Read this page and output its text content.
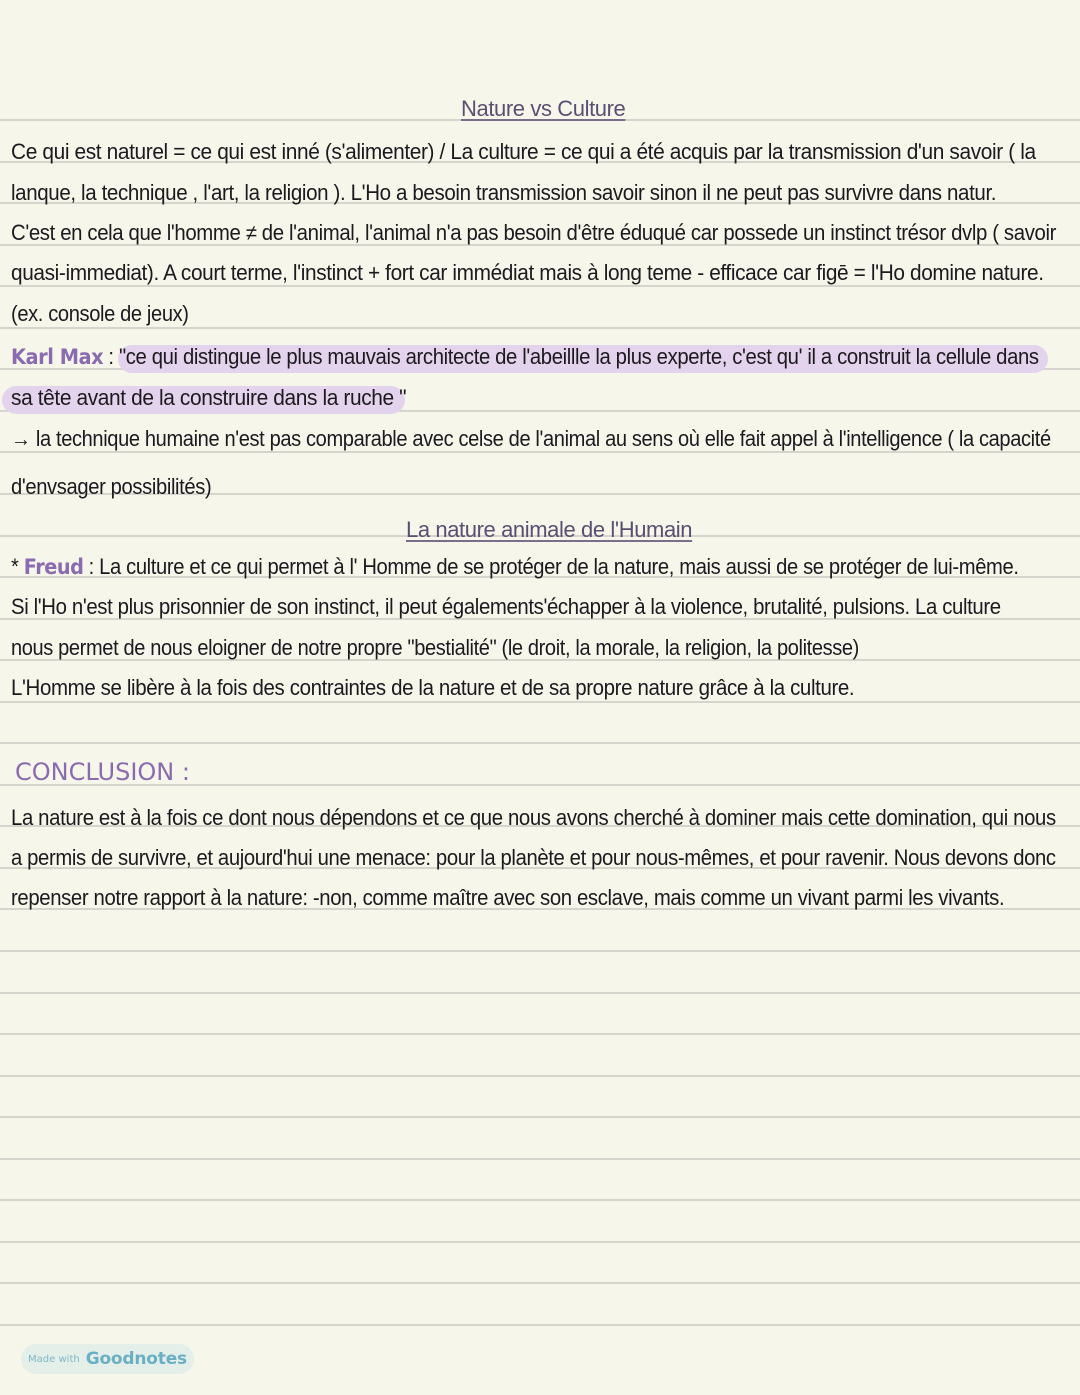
Nature vs Culture
Ce qui est naturel = ce qui est inné (s'alimenter) / La culture = ce qui a été acquis par la transmission d'un savoir ( la
lanque, la technique , l'art, la religion ). L'Ho a besoin transmission savoir sinon il ne peut pas survivre dans natur.
C'est en cela que l'homme ≠ de l'animal, l'animal n'a pas besoin d'être éduqué car possede un instinct trésor dvlp ( savoir
quasi-immediat). A court terme, l'instinct + fort car immédiat mais à long teme - efficace car figē = l'Ho domine nature.
(ex. console de jeux)
Karl Max : "ce qui distingue le plus mauvais architecte de l'abeillle la plus experte, c'est qu' il a construit la cellule dans
sa tête avant de la construire dans la ruche "
→ la technique humaine n'est pas comparable avec celse de l'animal au sens où elle fait appel à l'intelligence ( la capacité
d'envsager possibilités)
La nature animale de l'Humain
* Freud : La culture et ce qui permet à l' Homme de se protéger de la nature, mais aussi de se protéger de lui-même.
Si l'Ho n'est plus prisonnier de son instinct, il peut égalements'échapper à la violence, brutalité, pulsions. La culture
nous permet de nous eloigner de notre propre "bestialité" (le droit, la morale, la religion, la politesse)
L'Homme se libère à la fois des contraintes de la nature et de sa propre nature grâce à la culture.
CONCLUSION :
La nature est à la fois ce dont nous dépendons et ce que nous avons cherché à dominer mais cette domination, qui nous
a permis de survivre, et aujourd'hui une menace: pour la planète et pour nous-mêmes, et pour ravenir. Nous devons donc
repenser notre rapport à la nature: -non, comme maître avec son esclave, mais comme un vivant parmi les vivants.
Made with Goodnotes
